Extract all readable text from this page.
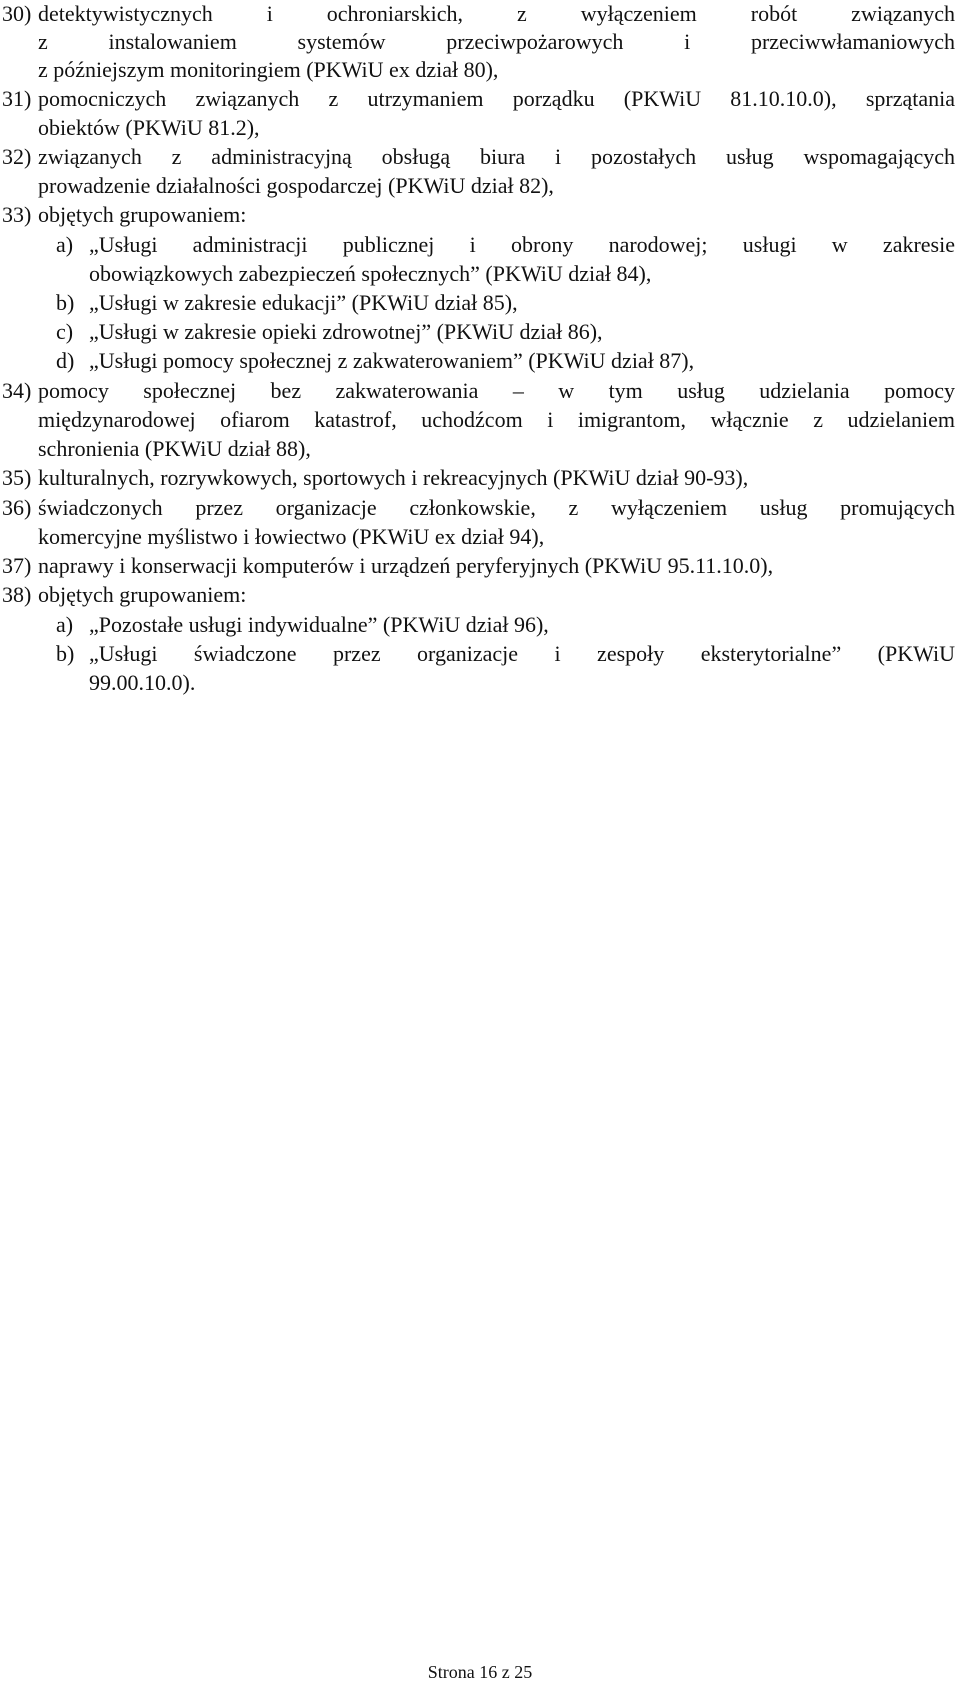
30) detektywistycznych i ochroniarskich, z wyłączeniem robót związanych
z instalowaniem systemów przeciwpożarowych i przeciwwłamaniowych
z późniejszym monitoringiem (PKWiU ex dział 80),
31) pomocniczych związanych z utrzymaniem porządku (PKWiU 81.10.10.0), sprzątania
obiektów (PKWiU 81.2),
32) związanych z administracyjną obsługą biura i pozostałych usług wspomagających
prowadzenie działalności gospodarczej (PKWiU dział 82),
33) objętych grupowaniem:
a) „Usługi administracji publicznej i obrony narodowej; usługi w zakresie
obowiązkowych zabezpieczeń społecznych” (PKWiU dział 84),
b) „Usługi w zakresie edukacji” (PKWiU dział 85),
c) „Usługi w zakresie opieki zdrowotnej” (PKWiU dział 86),
d) „Usługi pomocy społecznej z zakwaterowaniem” (PKWiU dział 87),
34) pomocy społecznej bez zakwaterowania – w tym usług udzielania pomocy
międzynarodowej ofiarom katastrof, uchodźcom i imigrantom, włącznie z udzielaniem
schronienia (PKWiU dział 88),
35) kulturalnych, rozrywkowych, sportowych i rekreacyjnych (PKWiU dział 90-93),
36) świadczonych przez organizacje członkowskie, z wyłączeniem usług promujących
komercyjne myślistwo i łowiectwo (PKWiU ex dział 94),
37) naprawy i konserwacji komputerów i urządzeń peryferyjnych (PKWiU 95.11.10.0),
38) objętych grupowaniem:
a) „Pozostałe usługi indywidualne” (PKWiU dział 96),
b) „Usługi świadczone przez organizacje i zespoły eksterytorialne” (PKWiU
99.00.10.0).
Strona 16 z 25
